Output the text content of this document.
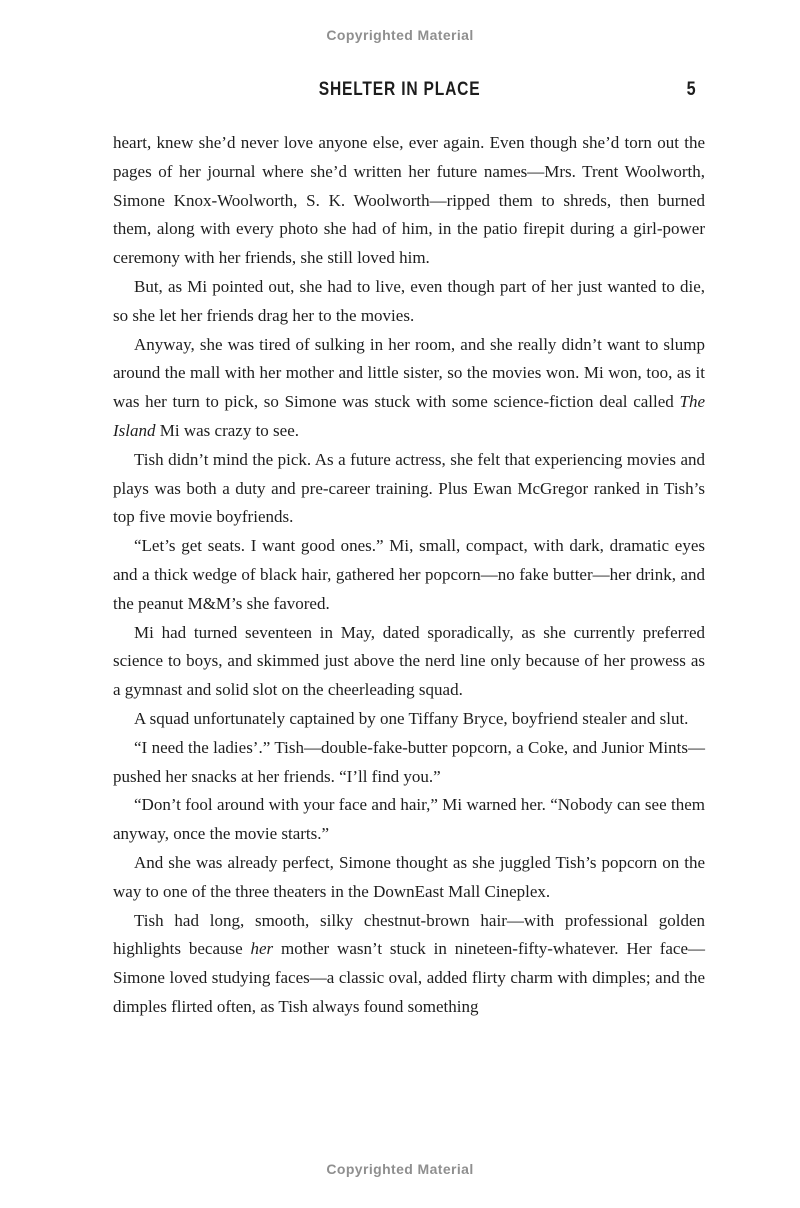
Copyrighted Material
SHELTER IN PLACE	5

heart, knew she’d never love anyone else, ever again. Even though she’d torn out the pages of her journal where she’d written her future names—Mrs. Trent Woolworth, Simone Knox-Woolworth, S. K. Woolworth—ripped them to shreds, then burned them, along with every photo she had of him, in the patio firepit during a girl-power ceremony with her friends, she still loved him.

But, as Mi pointed out, she had to live, even though part of her just wanted to die, so she let her friends drag her to the movies.

Anyway, she was tired of sulking in her room, and she really didn’t want to slump around the mall with her mother and little sister, so the movies won. Mi won, too, as it was her turn to pick, so Simone was stuck with some science-fiction deal called The Island Mi was crazy to see.

Tish didn’t mind the pick. As a future actress, she felt that experiencing movies and plays was both a duty and pre-career training. Plus Ewan McGregor ranked in Tish’s top five movie boyfriends.

“Let’s get seats. I want good ones.” Mi, small, compact, with dark, dramatic eyes and a thick wedge of black hair, gathered her popcorn—no fake butter—her drink, and the peanut M&M’s she favored.

Mi had turned seventeen in May, dated sporadically, as she currently preferred science to boys, and skimmed just above the nerd line only because of her prowess as a gymnast and solid slot on the cheerleading squad.

A squad unfortunately captained by one Tiffany Bryce, boyfriend stealer and slut.

“I need the ladies’.” Tish—double-fake-butter popcorn, a Coke, and Junior Mints—pushed her snacks at her friends. “I’ll find you.”

“Don’t fool around with your face and hair,” Mi warned her. “Nobody can see them anyway, once the movie starts.”

And she was already perfect, Simone thought as she juggled Tish’s popcorn on the way to one of the three theaters in the DownEast Mall Cineplex.

Tish had long, smooth, silky chestnut-brown hair—with professional golden highlights because her mother wasn’t stuck in nineteen-fifty-whatever. Her face—Simone loved studying faces—a classic oval, added flirty charm with dimples; and the dimples flirted often, as Tish always found something

Copyrighted Material
